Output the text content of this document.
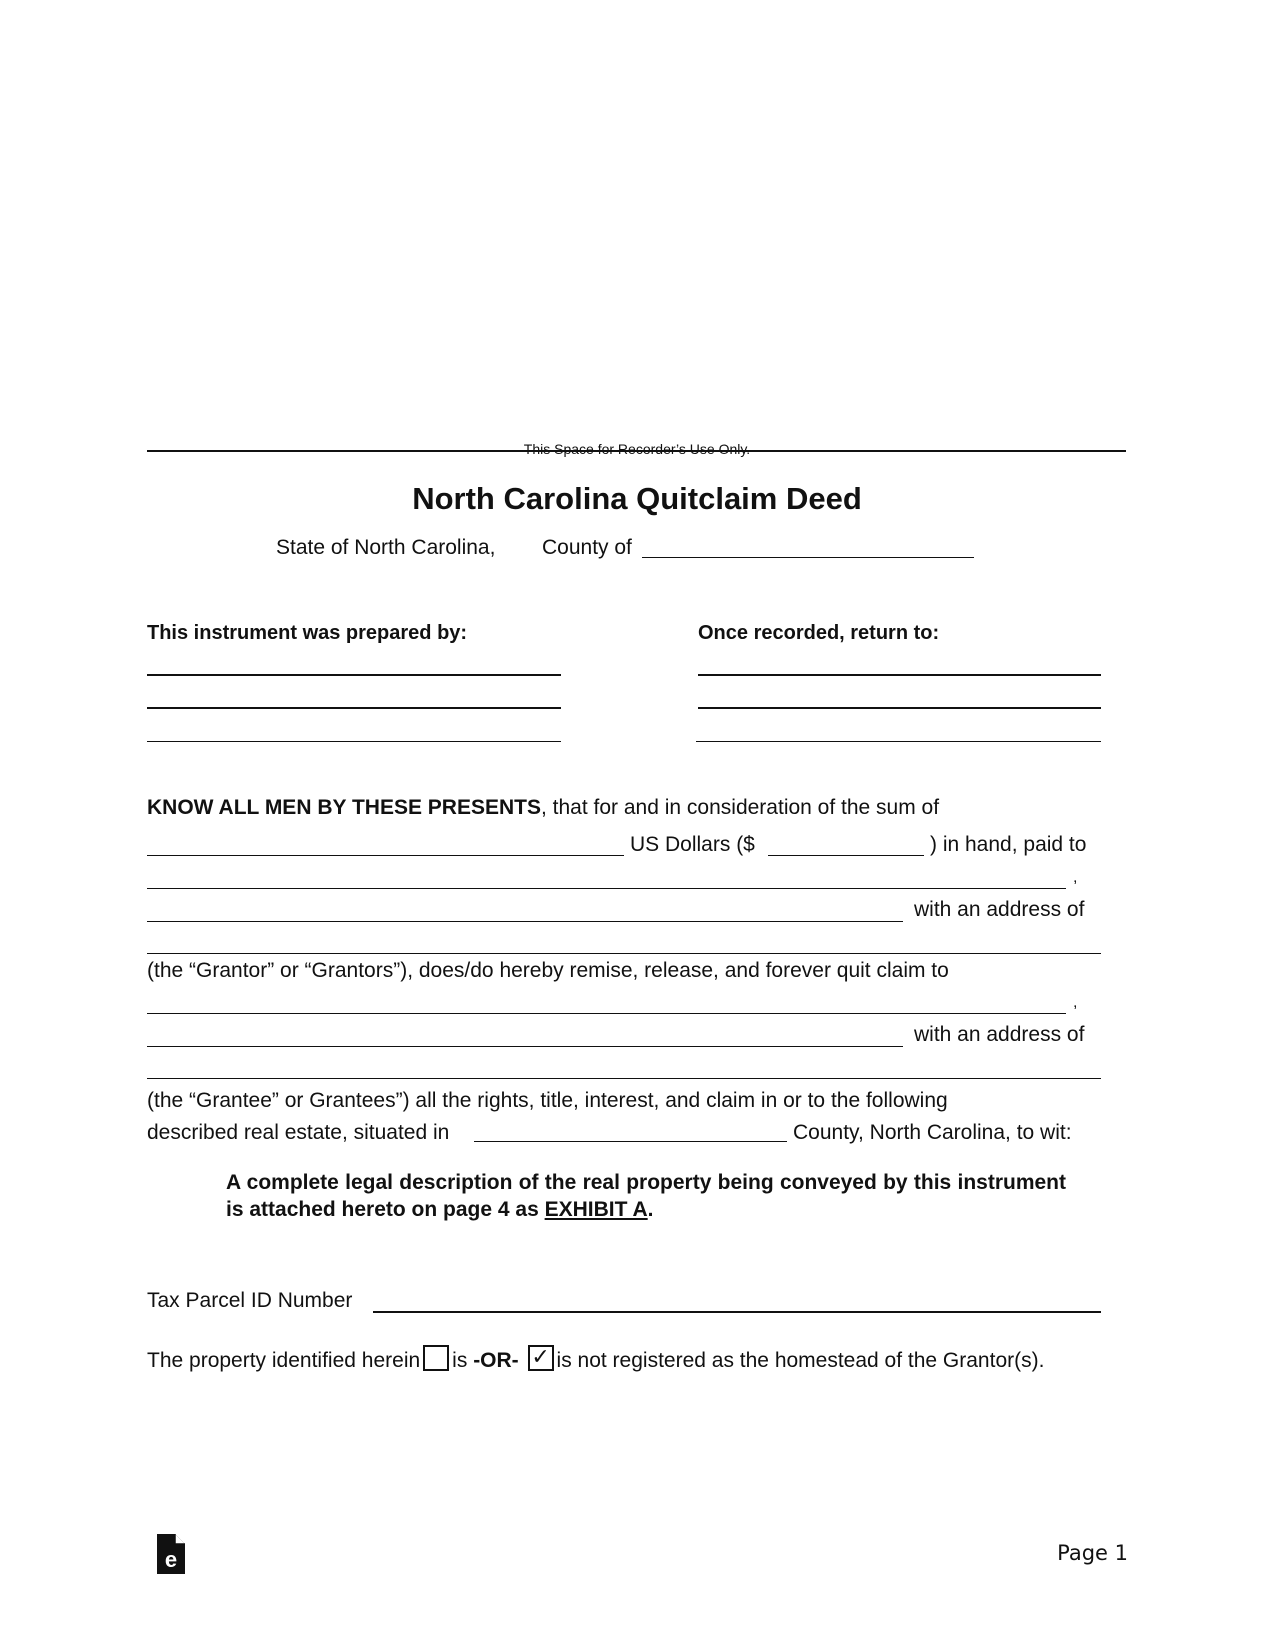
This Space for Recorder’s Use Only.
North Carolina Quitclaim Deed
State of North Carolina, County of
This instrument was prepared by:	Once recorded, return to:
KNOW ALL MEN BY THESE PRESENTS, that for and in consideration of the sum of
US Dollars ($	) in hand, paid to
,
with an address of
(the “Grantor” or “Grantors”), does/do hereby remise, release, and forever quit claim to
,
with an address of
(the “Grantee” or Grantees”) all the rights, title, interest, and claim in or to the following
described real estate, situated in	County, North Carolina, to wit:
A complete legal description of the real property being conveyed by this instrument is attached hereto on page 4 as EXHIBIT A.
Tax Parcel ID Number
The property identified herein is -OR- ✓ is not registered as the homestead of the Grantor(s).
e	Page 1
